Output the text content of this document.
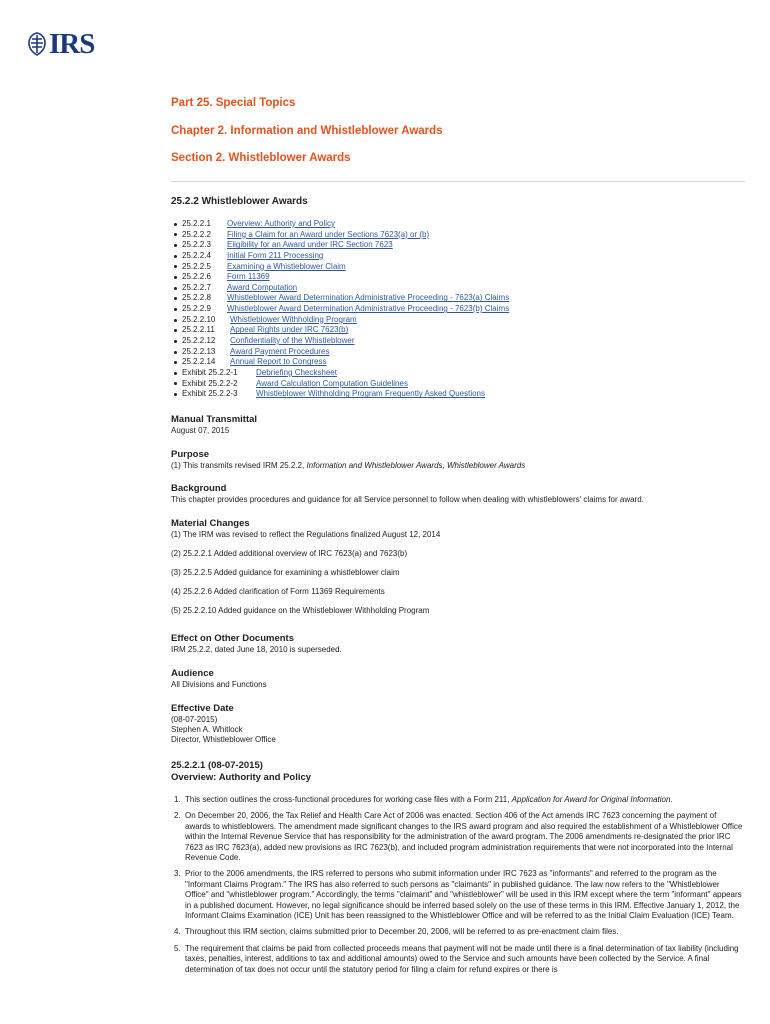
IRS
Part 25. Special Topics
Chapter 2. Information and Whistleblower Awards
Section 2. Whistleblower Awards
25.2.2 Whistleblower Awards
25.2.2.1	Overview: Authority and Policy
25.2.2.2	Filing a Claim for an Award under Sections 7623(a) or (b)
25.2.2.3	Eligibility for an Award under IRC Section 7623
25.2.2.4	Initial Form 211 Processing
25.2.2.5	Examining a Whistleblower Claim
25.2.2.6	Form 11369
25.2.2.7	Award Computation
25.2.2.8	Whistleblower Award Determination Administrative Proceeding - 7623(a) Claims
25.2.2.9	Whistleblower Award Determination Administrative Proceeding - 7623(b) Claims
25.2.2.10	Whistleblower Withholding Program
25.2.2.11	Appeal Rights under IRC 7623(b)
25.2.2.12	Confidentiality of the Whistleblower
25.2.2.13	Award Payment Procedures
25.2.2.14	Annual Report to Congress
Exhibit 25.2.2-1	Debriefing Checksheet
Exhibit 25.2.2-2	Award Calculation Computation Guidelines
Exhibit 25.2.2-3	Whistleblower Withholding Program Frequently Asked Questions
Manual Transmittal

August 07, 2015

Purpose

(1) This transmits revised IRM 25.2.2, Information and Whistleblower Awards, Whistleblower Awards

Background

This chapter provides procedures and guidance for all Service personnel to follow when dealing with whistleblowers' claims for award.

Material Changes

(1) The IRM was revised to reflect the Regulations finalized August 12, 2014

(2) 25.2.2.1 Added additional overview of IRC 7623(a) and 7623(b)

(3) 25.2.2.5 Added guidance for examining a whistleblower claim

(4) 25.2.2.6 Added clarification of Form 11369 Requirements

(5) 25.2.2.10 Added guidance on the Whistleblower Withholding Program

Effect on Other Documents

IRM 25.2.2, dated June 18, 2010 is superseded.

Audience

All Divisions and Functions

Effective Date

(08-07-2015)

Stephen A. Whitlock

Director, Whistleblower Office

25.2.2.1 (08-07-2015)
Overview: Authority and Policy
1. This section outlines the cross-functional procedures for working case files with a Form 211, Application for Award for Original Information.
2. On December 20, 2006, the Tax Relief and Health Care Act of 2006 was enacted. Section 406 of the Act amends IRC 7623 concerning the payment of awards to whistleblowers. The amendment made significant changes to the IRS award program and also required the establishment of a Whistleblower Office within the Internal Revenue Service that has responsibility for the administration of the award program. The 2006 amendments re-designated the prior IRC 7623 as IRC 7623(a), added new provisions as IRC 7623(b), and included program administration requirements that were not incorporated into the Internal Revenue Code.
3. Prior to the 2006 amendments, the IRS referred to persons who submit information under IRC 7623 as "informants" and referred to the program as the "Informant Claims Program." The IRS has also referred to such persons as "claimants" in published guidance. The law now refers to the "Whistleblower Office" and "whistleblower program." Accordingly, the terms "claimant" and "whistleblower" will be used in this IRM except where the term "informant" appears in a published document. However, no legal significance should be inferred based solely on the use of these terms in this IRM. Effective January 1, 2012, the Informant Claims Examination (ICE) Unit has been reassigned to the Whistleblower Office and will be referred to as the Initial Claim Evaluation (ICE) Team.
4. Throughout this IRM section, claims submitted prior to December 20, 2006, will be referred to as pre-enactment claim files.
5. The requirement that claims be paid from collected proceeds means that payment will not be made until there is a final determination of tax liability (including taxes, penalties, interest, additions to tax and additional amounts) owed to the Service and such amounts have been collected by the Service. A final determination of tax does not occur until the statutory period for filing a claim for refund expires or there is
